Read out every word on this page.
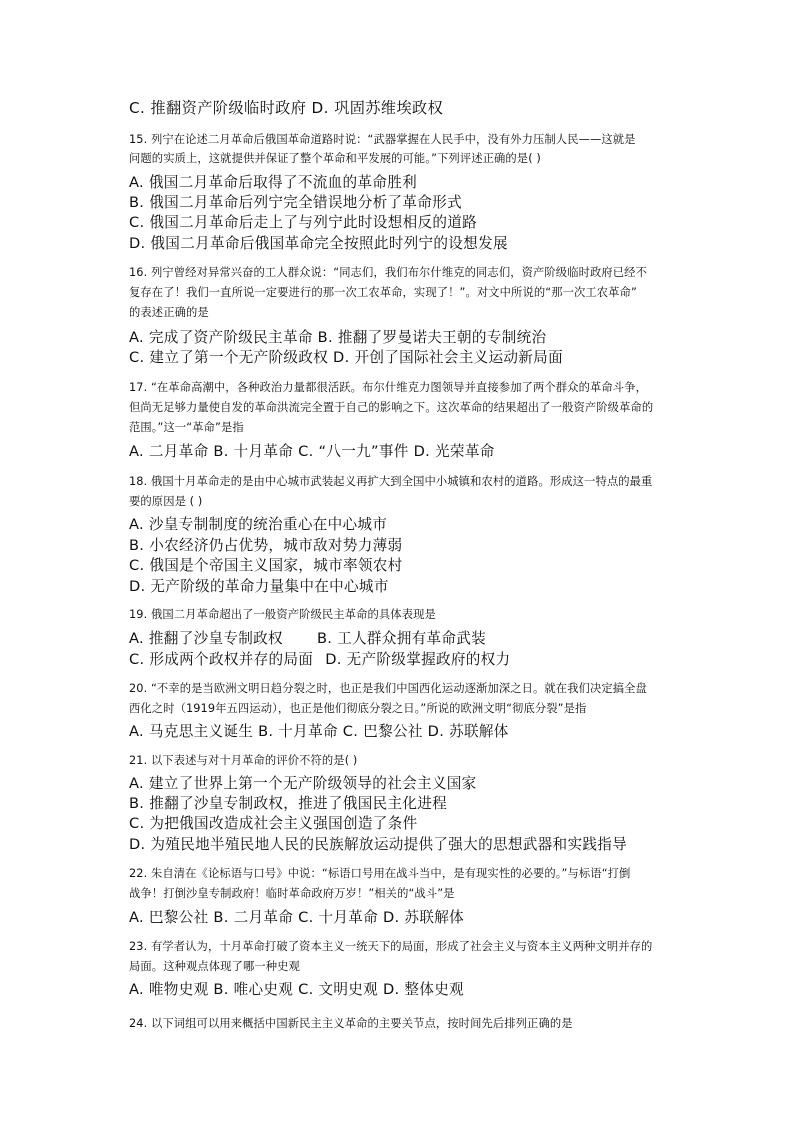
C. 推翻资产阶级临时政府 D. 巩固苏维埃政权
15. 列宁在论述二月革命后俄国革命道路时说：“武器掌握在人民手中，没有外力压制人民——这就是
问题的实质上，这就提供并保证了整个革命和平发展的可能。”下列评述正确的是( )
A. 俄国二月革命后取得了不流血的革命胜利
B. 俄国二月革命后列宁完全错误地分析了革命形式
C. 俄国二月革命后走上了与列宁此时设想相反的道路
D. 俄国二月革命后俄国革命完全按照此时列宁的设想发展
16. 列宁曾经对异常兴奋的工人群众说：“同志们，我们布尔什维克的同志们，资产阶级临时政府已经不
复存在了！我们一直所说一定要进行的那一次工农革命，实现了！”。对文中所说的“那一次工农革命”
的表述正确的是
A. 完成了资产阶级民主革命 B. 推翻了罗曼诺夫王朝的专制统治
C. 建立了第一个无产阶级政权 D. 开创了国际社会主义运动新局面
17. “在革命高潮中，各种政治力量都很活跃。布尔什维克力图领导并直接参加了两个群众的革命斗争，
但尚无足够力量使自发的革命洪流完全置于自己的影响之下。这次革命的结果超出了一般资产阶级革命的
范围。”这一“革命”是指
A. 二月革命 B. 十月革命 C. “八一九”事件 D. 光荣革命
18. 俄国十月革命走的是由中心城市武装起义再扩大到全国中小城镇和农村的道路。形成这一特点的最重
要的原因是 ( )
A. 沙皇专制制度的统治重心在中心城市
B. 小农经济仍占优势，城市敌对势力薄弱
C. 俄国是个帝国主义国家，城市率领农村
D. 无产阶级的革命力量集中在中心城市
19. 俄国二月革命超出了一般资产阶级民主革命的具体表现是
A. 推翻了沙皇专制政权 B. 工人群众拥有革命武装
C. 形成两个政权并存的局面 D. 无产阶级掌握政府的权力
20. “不幸的是当欧洲文明日趋分裂之时，也正是我们中国西化运动逐渐加深之日。就在我们决定搞全盘
西化之时（1919年五四运动），也正是他们彻底分裂之日。”所说的欧洲文明“彻底分裂”是指
A. 马克思主义诞生 B. 十月革命 C. 巴黎公社 D. 苏联解体
21. 以下表述与对十月革命的评价不符的是( )
A. 建立了世界上第一个无产阶级领导的社会主义国家
B. 推翻了沙皇专制政权，推进了俄国民主化进程
C. 为把俄国改造成社会主义强国创造了条件
D. 为殖民地半殖民地人民的民族解放运动提供了强大的思想武器和实践指导
22. 朱自清在《论标语与口号》中说：“标语口号用在战斗当中，是有现实性的必要的。”与标语“打倒
战争！打倒沙皇专制政府！临时革命政府万岁！”相关的“战斗”是
A. 巴黎公社 B. 二月革命 C. 十月革命 D. 苏联解体
23. 有学者认为，十月革命打破了资本主义一统天下的局面，形成了社会主义与资本主义两种文明并存的
局面。这种观点体现了哪一种史观
A. 唯物史观 B. 唯心史观 C. 文明史观 D. 整体史观
24. 以下词组可以用来概括中国新民主主义革命的主要关节点，按时间先后排列正确的是
